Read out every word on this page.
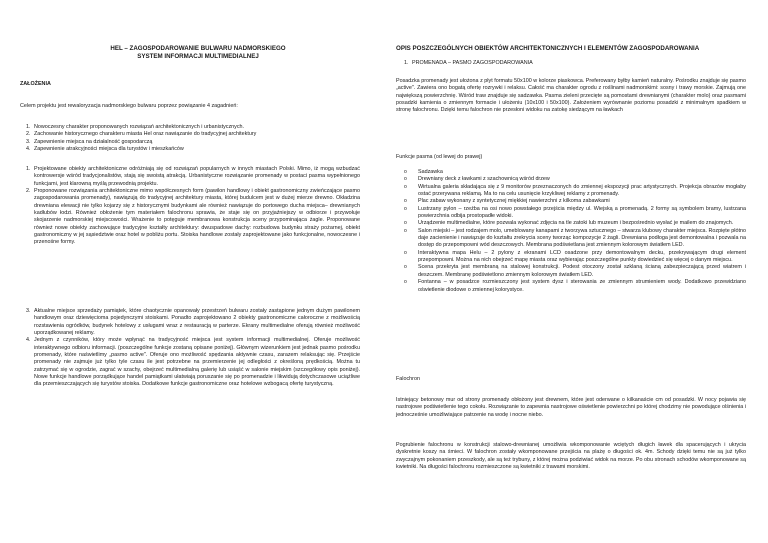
HEL – ZAGOSPODAROWANIE BULWARU NADMORSKIEGO
SYSTEM INFORMACJI MULTIMEDIALNEJ
ZAŁOŻENIA
Celem projektu jest rewaloryzacja nadmorskiego bulwaru poprzez powiązanie 4 zagadnień:
1. Nowoczesny charakter proponowanych rozwiązań architektonicznych i urbanistycznych.
2. Zachowanie historycznego charakteru miasta Hel oraz nawiązanie do tradycyjnej architektury
3. Zapewnienie miejsca na działalność gospodarczą
4. Zapewnienie atrakcyjności miejsca dla turystów i mieszkańców
1. Projektowane obiekty architektoniczne odróżniają się od rozwiązań popularnych w innych miastach Polski. Mimo, iż mogą wzbudzać kontrowersje wśród tradycjonalistów, stają się swoistą atrakcją. Urbanistyczne rozwiązanie promenady w postaci pasma wypełnionego funkcjami, jest klarowną myślą przewodnią projektu.
2. Proponowane rozwiązania architektoniczne mimo współczesnych form (pawilon handlowy i obiekt gastronomiczny zwieńczające pasmo zagospodarowania promenady), nawiązują do tradycyjnej architektury miasta, której budulcem jest w dużej mierze drewno. Okładzina drewniana elewacji nie tylko kojarzy się z historycznymi budynkami ale również nawiązuje do portowego ducha miejsca– drewnianych kadłubów łodzi. Również obłożenie tym materiałem falochronu sprawia, że staje się on przyjaźniejszy w odbiorze i przywołuje skojarzenie nadmorskiej miejscowości. Wrażenie to potęguje membranowa konstrukcja sceny przypominająca żagle. Proponowane również nowe obiekty zachowujące tradycyjne kształty architektury: dwuspadowe dachy: rozbudowa budynku straży pożarnej, obiekt gastronomiczny w jej sąsiedztwie oraz hotel w pobliżu portu. Stoiska handlowe zostały zaprojektowane jako funkcjonalne, nowoczesne i przenośne formy.
3. Aktualne miejsce sprzedaży pamiątek, które chaotycznie opanowały przestrzeń bulwaru zostały zastąpione jednym dużym pawilonem handlowym oraz dziewięcioma pojedynczymi stoiskami. Ponadto zaprojektowano 2 obiekty gastronomiczne całoroczne z możliwością rozstawienia ogródków, budynek hotelowy z usługami wraz z restauracją w parterze. Ekrany multimedialne oferują również możliwość uporządkowanej reklamy.
4. Jednym z czynników, który może wpłynąć na tradycyjność miejsca jest system informacji multimedialnej. Oferuje możliwość interaktywnego odbioru informacji. (poszczególne funkcje zostaną opisane poniżej). Głównym wizerunkiem jest jednak pasmo pośrodku promenady, które naświetlimy „pasmo active". Oferuje ono możliwość spędzania aktywnie czasu, zarazem relaksując się. Przejście promenady nie zajmuje już tylko tyle czasu ile jest potrzebne na przemierzenie jej odległości z określoną prędkością. Można tu zatrzymać się w ogrodzie, zagrać w szachy, obejrzeć multimedialną galerię lub usiąść w salonie miejskim (szczegółowy opis poniżej). Nowe funkcje handlowe porządkujące handel pamiątkami ułatwiają poruszanie się po promenadzie i likwidują dotychczasowe uciążliwe dla przemieszczających się turystów stoiska. Dodatkowe funkcje gastronomiczne oraz hotelowe wzbogacą ofertę turystyczną.
OPIS POSZCZEGÓLNYCH OBIEKTÓW ARCHITEKTONICZNYCH I ELEMENTÓW ZAGOSPODAROWANIA
1. PROMENADA – PASMO ZAGOSPODAROWANIA
Posadzka promenady jest ułożona z płyt formatu 50x100 w kolorze piaskowca. Preferowany byłby kamień naturalny. Pośrodku znajduje się pasmo „active". Zawiera ono bogatą ofertę rozrywki i relaksu. Całość ma charakter ogrodu z roślinami nadmorskimi: sosny i trawy morskie. Zajmują one największą powierzchnię. Wśród traw znajduje się sadzawka. Pasma zieleni przecięte są pomostami drewnianymi (charakter molo) oraz pasmami posadzki kamienia o zmiennym formacie i ułożeniu (10x100 i 50x100). Założeniem wyrównanie poziomu posadzki z minimalnym spadkiem w stronę falochronu. Dzięki temu falochron nie przesłoni widoku na zatokę siedzącym na ławkach
Funkcje pasma (od lewej do prawej)
o Sadzawka
o Drewniany deck z ławkami z szachownicą wśród drzew
o Wirtualna galeria składająca się z 9 monitorów przeznaczonych do zmiennej ekspozycji prac artystycznych. Projekcja obrazów mogłaby ostać przerywana reklamą. Ma to na celu usunięcie krzykliwej reklamy z promenady.
o Plac zabaw wykonany z syntetycznej miękkiej nawierzchni z kilkoma zabawkami
o Lustrzany pylon – rzeźba na osi nowo powstałego przejścia między ul. Wiejską a promenadą. 2 formy są symbolem bramy, lustrzana powierzchnia odbija prostopadłe widoki.
o Urządzenie multimedialne, które pozwala wykonać zdjęcia na tle zatoki lub muzeum i bezpośrednio wysłać je mailem do znajomych.
o Salon miejski – jest rodzajem molo, umeblowany kanapami z tworzywa sztucznego – stwarza klubowy charakter miejsca. Rozpięte płótno daje zacienienie i nawiązuje do kształtu zrekrycia sceny tworząc kompozycje 2 żagli. Drewniana podłoga jest demontowalna i pozwala na dostęp do przepompowni wód deszczowych. Membrana podświetlana jest zmiennym kolorowym światłem LED.
o Interaktywna mapa Helu – 2 pylony z ekranami LCD osadzone przy demontowalnym decku, przekrywającym drugi element przepompowni. Można na nich obejrzeć mapę miasta oraz wybierając poszczególne punkty dowiedzieć się więcej o danym miejscu.
o Scena przekryta jest membraną na stalowej konstrukcji. Podest otoczony został szklaną ścianą zabezpieczającą przed wiatrem i deszczem. Membranę podświetlono zmiennym kolorowym światłem LED.
o Fontanna – w posadzce rozmieszczony jest system dysz i sterowania ze zmiennym strumieniem wody. Dodatkowo przewidziano oświetlenie diodowe o zmiennej kolorystyce.
Falochron
Istniejący betonowy mur od strony promenady obłożony jest drewnem, które jest oderwane o kilkanaście cm od posadzki. W nocy pojawia się nastrojowe podświetlenie tego cokołu. Rozwiązanie to zapewnia nastrojowe oświetlenie powierzchni po której chodzimy nie powodujące olśnienia i jednocześnie umożliwiające patrzenie na wodę i nocne niebo.
Pogrubienie falochronu w konstrukcji stalowo-drewnianej umożliwia wkomponowanie wciętych długich ławek dla spacerujących i ukrycia dyskretnie koszy na śmieci. W falochron zostały wkomponowane przejścia na plażę o długości ok. 4m. Schody dzięki temu nie są już tylko zwyczajnym pokonaniem przeszkody, ale są też trybuny, z której można podziwiać widok na morze. Po obu stronach schodów wkomponowane są kwietniki. Na długości falochronu rozmieszczone są kwietniki z trawami morskimi.
